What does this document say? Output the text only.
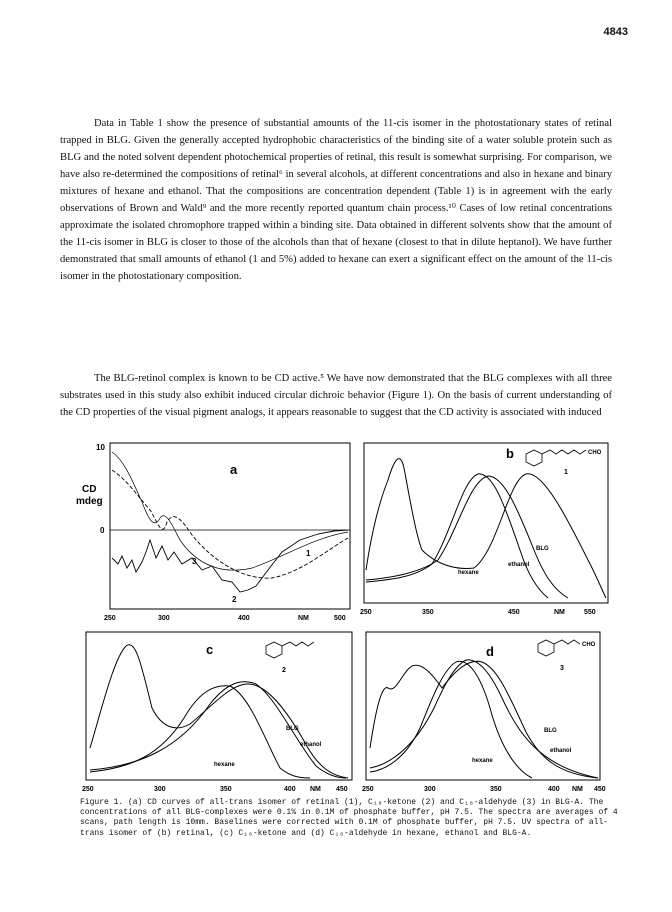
4843

Data in Table 1 show the presence of substantial amounts of the 11-cis isomer in the photostationary states of retinal trapped in BLG. Given the generally accepted hydrophobic characteristics of the binding site of a water soluble protein such as BLG and the noted solvent dependent photochemical properties of retinal, this result is somewhat surprising. For comparison, we have also re-determined the compositions of retinal⁶ in several alcohols, at different concentrations and also in hexane and binary mixtures of hexane and ethanol. That the compositions are concentration dependent (Table 1) is in agreement with the early observations of Brown and Wald⁹ and the more recently reported quantum chain process.¹⁰ Cases of low retinal concentrations approximate the isolated chromophore trapped within a binding site. Data obtained in different solvents show that the amount of the 11-cis isomer in BLG is closer to those of the alcohols than that of hexane (closest to that in dilute heptanol). We have further demonstrated that small amounts of ethanol (1 and 5%) added to hexane can exert a significant effect on the amount of the 11-cis isomer in the photostationary composition.

The BLG-retinol complex is known to be CD active.⁵ We have now demonstrated that the BLG complexes with all three substrates used in this study also exhibit induced circular dichroic behavior (Figure 1). On the basis of current understanding of the CD properties of the visual pigment analogs, it appears reasonable to suggest that the CD activity is associated with induced

10
0
CD
mdeg
a
1
2
3
250	300	400	NM	500
b	CHO
1
BLG
ethanol
hexane
250	350	450	NM	550
c
2
BLG
ethanol
hexane
250	300	350	400 NM 450
d	CHO
3
BLG
ethanol
hexane
250	300	350	400 NM 450

Figure 1. (a) CD curves of all-trans isomer of retinal (1), C₁₈-ketone (2) and C₁₈-aldehyde (3) in BLG-A. The concentrations of all BLG-complexes were 0.1% in 0.1M of phosphate buffer, pH 7.5. The spectra are averages of 4 scans, path length is 10mm. Baselines were corrected with 0.1M of phosphate buffer, pH 7.5. UV spectra of all-trans isomer of (b) retinal, (c) C₁₈-ketone and (d) C₁₆-aldehyde in hexane, ethanol and BLG-A.
